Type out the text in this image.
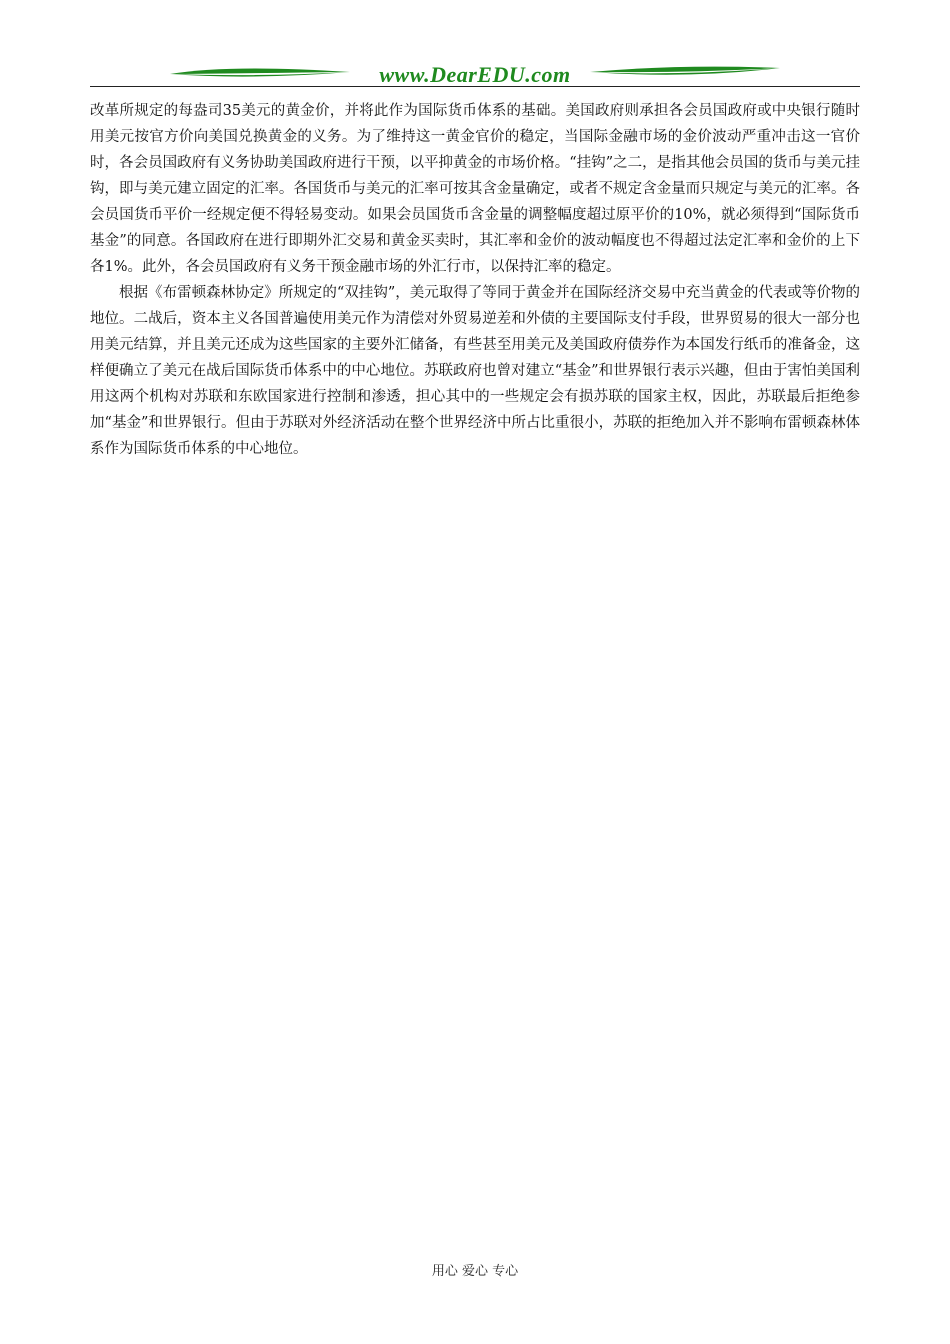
www.DearEDU.com

改革所规定的每盎司35美元的黄金价，并将此作为国际货币体系的基础。美国政府则承担各会员国政府或中央银行随时用美元按官方价向美国兑换黄金的义务。为了维持这一黄金官价的稳定，当国际金融市场的金价波动严重冲击这一官价时，各会员国政府有义务协助美国政府进行干预，以平抑黄金的市场价格。“挂钩”之二，是指其他会员国的货币与美元挂钩，即与美元建立固定的汇率。各国货币与美元的汇率可按其含金量确定，或者不规定含金量而只规定与美元的汇率。各会员国货币平价一经规定便不得轻易变动。如果会员国货币含金量的调整幅度超过原平价的10%，就必须得到“国际货币基金”的同意。各国政府在进行即期外汇交易和黄金买卖时，其汇率和金价的波动幅度也不得超过法定汇率和金价的上下各1%。此外，各会员国政府有义务干预金融市场的外汇行市，以保持汇率的稳定。

根据《布雷顿森林协定》所规定的“双挂钩”，美元取得了等同于黄金并在国际经济交易中充当黄金的代表或等价物的地位。二战后，资本主义各国普遍使用美元作为清偿对外贸易逆差和外债的主要国际支付手段，世界贸易的很大一部分也用美元结算，并且美元还成为这些国家的主要外汇储备，有些甚至用美元及美国政府债券作为本国发行纸币的准备金，这样便确立了美元在战后国际货币体系中的中心地位。苏联政府也曾对建立“基金”和世界银行表示兴趣，但由于害怕美国利用这两个机构对苏联和东欧国家进行控制和渗透，担心其中的一些规定会有损苏联的国家主权，因此，苏联最后拒绝参加“基金”和世界银行。但由于苏联对外经济活动在整个世界经济中所占比重很小，苏联的拒绝加入并不影响布雷顿森林体系作为国际货币体系的中心地位。

用心 爱心 专心
